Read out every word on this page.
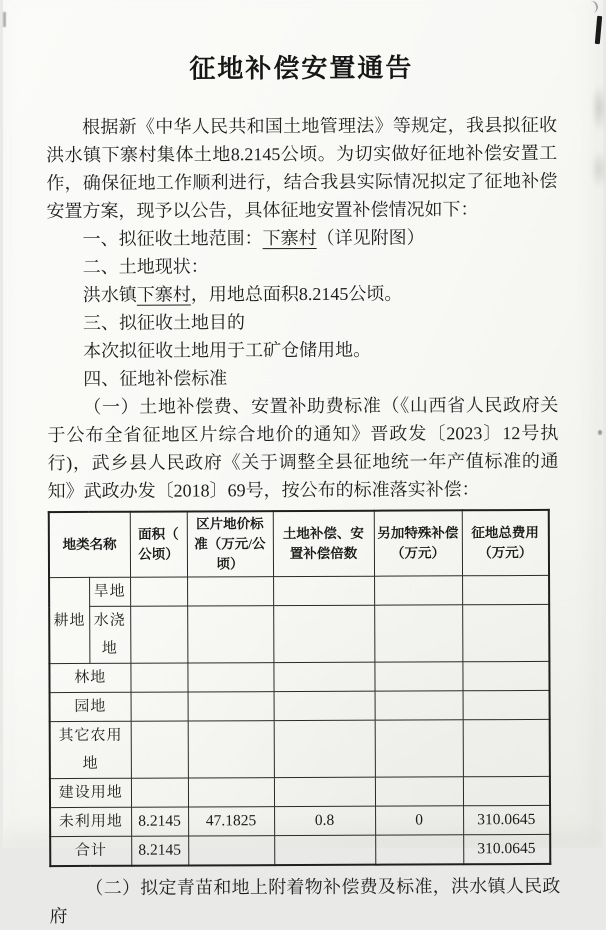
征地补偿安置通告

根据新《中华人民共和国土地管理法》等规定，我县拟征收洪水镇下寨村集体土地8.2145公顷。为切实做好征地补偿安置工作，确保征地工作顺利进行，结合我县实际情况拟定了征地补偿安置方案，现予以公告，具体征地安置补偿情况如下：

一、拟征收土地范围：下寨村（详见附图）

二、土地现状：

洪水镇下寨村，用地总面积8.2145公顷。

三、拟征收土地目的

本次拟征收土地用于工矿仓储用地。

四、征地补偿标准

（一）土地补偿费、安置补助费标准（《山西省人民政府关于公布全省征地区片综合地价的通知》晋政发〔2023〕12号执行)，武乡县人民政府《关于调整全县征地统一年产值标准的通知》武政办发〔2018〕69号，按公布的标准落实补偿：

地类名称		面积（公顷）	区片地价标准（万元/公顷）	土地补偿、安置补偿倍数	另加特殊补偿（万元）	征地总费用（万元）
耕地	旱地					
	水浇地					
林地						
园地						
其它农用地						
建设用地						
未利用地		8.2145	47.1825	0.8	0	310.0645
合计		8.2145				310.0645

（二）拟定青苗和地上附着物补偿费及标准，洪水镇人民政府
